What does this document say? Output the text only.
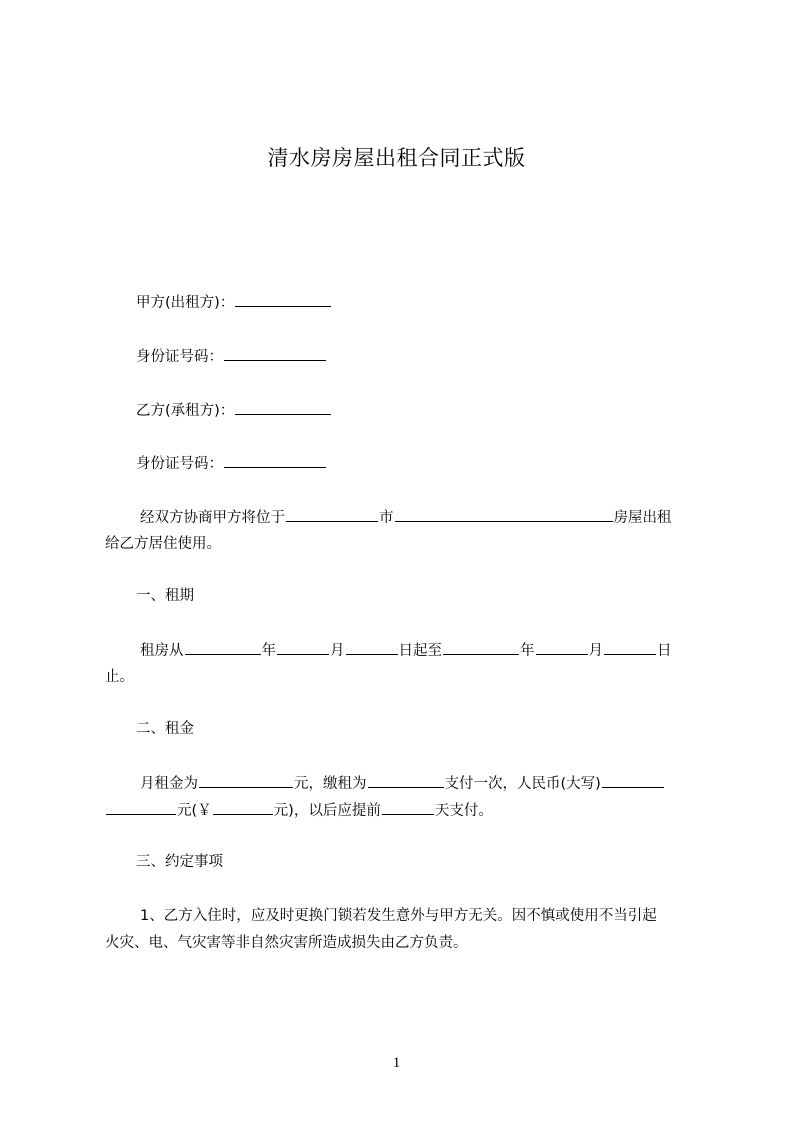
清水房房屋出租合同正式版
甲方(出租方)：
身份证号码：
乙方(承租方)：
身份证号码：
经双方协商甲方将位于	市	房屋出租
给乙方居住使用。
一、租期
租房从	年	月	日起至	年	月	日
止。
二、租金
月租金为	元，缴租为	支付一次，人民币(大写)
元(￥	元)，以后应提前	天支付。
三、约定事项
1、乙方入住时，应及时更换门锁若发生意外与甲方无关。因不慎或使用不当引起
火灾、电、气灾害等非自然灾害所造成损失由乙方负责。
1
